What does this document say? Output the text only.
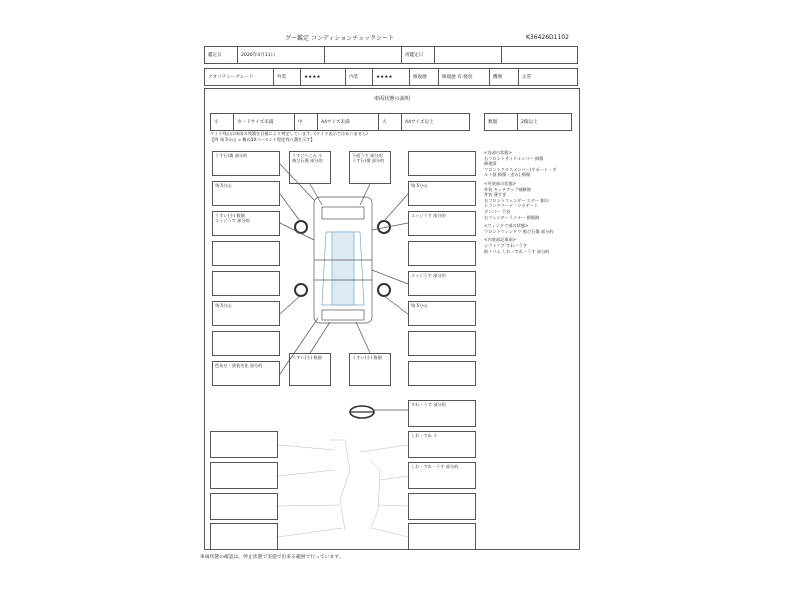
グー鑑定 コンディションチェックシート	K36426D1102
鑑定日	2026年4月11日		再鑑定日		
クオリティーグレード	外装	★★★★	内装	★★★★	修復歴	修復歴 有 軽度	機関	正常
車両状態の説明
小	カードサイズ未満	中	A4サイズ未満	大	A4サイズ以上	数個	2個以上
タイヤ残山は車両の残溝を目視により判定しています。(タイヤ表示ではありません)
【例 残 5分山 = 概ね50パーセント程度残り溝を示す】
うす石(傷 部分的
残 5分山
うすい(小) 数個
エッジうす 部分的
残 5分山
色あせ・塗装劣化 部分的
うすどへこみ 小
飛び石傷 部分的
下面うす 部分的
うす石(傷 部分的
残 5分山
エッジうす 部分的
エッジうす 部分的
残 5分山
うすい(小) 数個	うすい(小) 数個
すれ・うす 部分的
しわ・すれ 小
しわ・すれ・うす 部分的
<各部の状態>
右フロントサイドメンバー 損傷
修理済
フロントクロスメンバー(サポート・ボ
ルト留 損傷・歪み) 損傷
<外装部の状態>
外装 キッチアップ補修箇
外装 薄すぎ
右フロントフェンダー スデー 側の
トランクフード・リヤゲート
ダンパー 不良
右フェンダーライナー 損傷跡
<ウィンドウ部の状態>
フロントウィンドウ 飛び石傷 部分的
<内装部記事項>
シフトノブ すれ・うす
助トリム しわ・すれ・うす 部分的
車両状態の確認は、停止状態で実施で出来る範囲で行っています。
